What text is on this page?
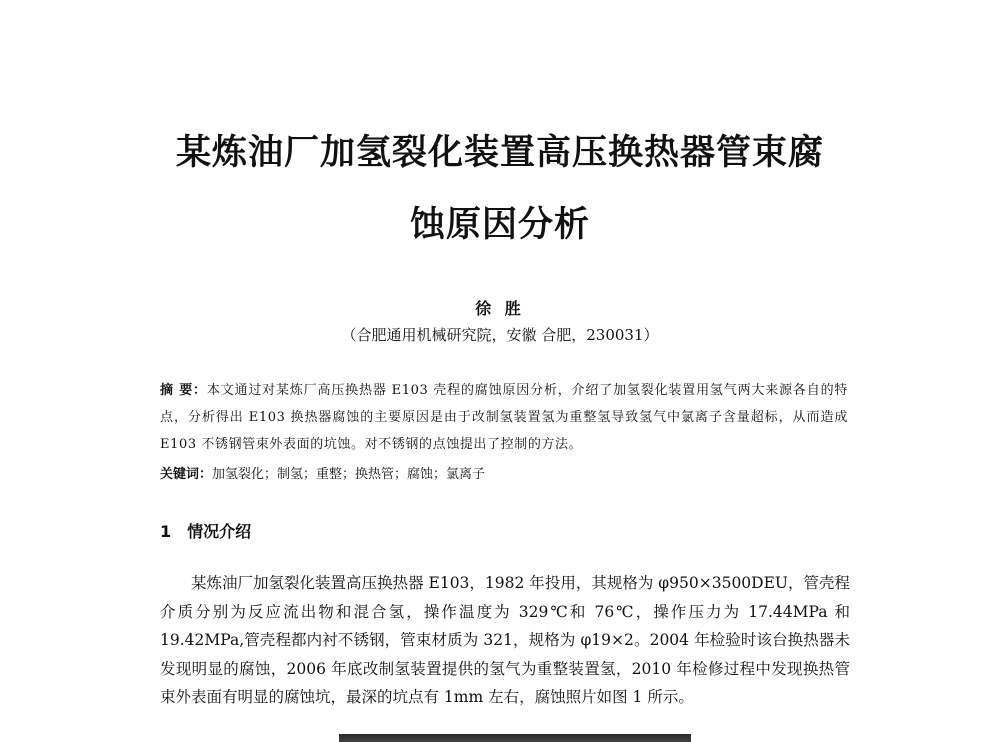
某炼油厂加氢裂化装置高压换热器管束腐
蚀原因分析
徐 胜
（合肥通用机械研究院，安徽 合肥，230031）
摘 要：本文通过对某炼厂高压换热器 E103 壳程的腐蚀原因分析，介绍了加氢裂化装置用氢气两大来源各自的特点，分析得出 E103 换热器腐蚀的主要原因是由于改制氢装置氢为重整氢导致氢气中氯离子含量超标，从而造成 E103 不锈钢管束外表面的坑蚀。对不锈钢的点蚀提出了控制的方法。
关键词：加氢裂化；制氢；重整；换热管；腐蚀；氯离子
1 情况介绍

某炼油厂加氢裂化装置高压换热器 E103，1982 年投用，其规格为 φ950×3500DEU，管壳程介质分别为反应流出物和混合氢，操作温度为 329℃和 76℃，操作压力为 17.44MPa 和 19.42MPa,管壳程都内衬不锈钢，管束材质为 321，规格为 φ19×2。2004 年检验时该台换热器未发现明显的腐蚀，2006 年底改制氢装置提供的氢气为重整装置氢，2010 年检修过程中发现换热管束外表面有明显的腐蚀坑，最深的坑点有 1mm 左右，腐蚀照片如图 1 所示。
